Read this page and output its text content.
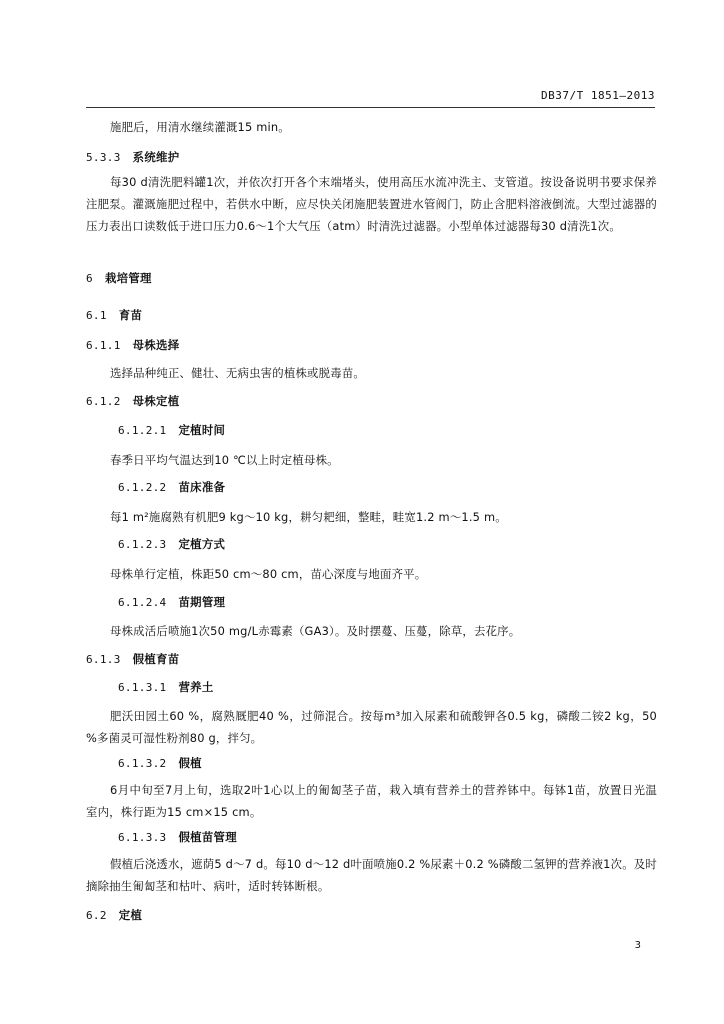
DB37/T 1851—2013

施肥后，用清水继续灌溉15 min。

5.3.3 系统维护

每30 d清洗肥料罐1次，并依次打开各个末端堵头，使用高压水流冲洗主、支管道。按设备说明书要求保养注肥泵。灌溉施肥过程中，若供水中断，应尽快关闭施肥装置进水管阀门，防止含肥料溶液倒流。大型过滤器的压力表出口读数低于进口压力0.6～1个大气压（atm）时清洗过滤器。小型单体过滤器每30 d清洗1次。

6 栽培管理
6.1 育苗
6.1.1 母株选择

选择品种纯正、健壮、无病虫害的植株或脱毒苗。

6.1.2 母株定植
6.1.2.1 定植时间

春季日平均气温达到10 ℃以上时定植母株。

6.1.2.2 苗床准备

每1 m²施腐熟有机肥9 kg～10 kg，耕匀耙细，整畦，畦宽1.2 m～1.5 m。

6.1.2.3 定植方式

母株单行定植，株距50 cm～80 cm，苗心深度与地面齐平。

6.1.2.4 苗期管理

母株成活后喷施1次50 mg/L赤霉素（GA3）。及时摆蔓、压蔓，除草，去花序。

6.1.3 假植育苗
6.1.3.1 营养土

肥沃田园土60 %，腐熟厩肥40 %，过筛混合。按每m³加入尿素和硫酸钾各0.5 kg，磷酸二铵2 kg，50 %多菌灵可湿性粉剂80 g，拌匀。

6.1.3.2 假植

6月中旬至7月上旬，选取2叶1心以上的匍匐茎子苗，栽入填有营养土的营养钵中。每钵1苗，放置日光温室内，株行距为15 cm×15 cm。

6.1.3.3 假植苗管理

假植后浇透水，遮荫5 d～7 d。每10 d～12 d叶面喷施0.2 %尿素＋0.2 %磷酸二氢钾的营养液1次。及时摘除抽生匍匐茎和枯叶、病叶，适时转钵断根。

6.2 定植
3
